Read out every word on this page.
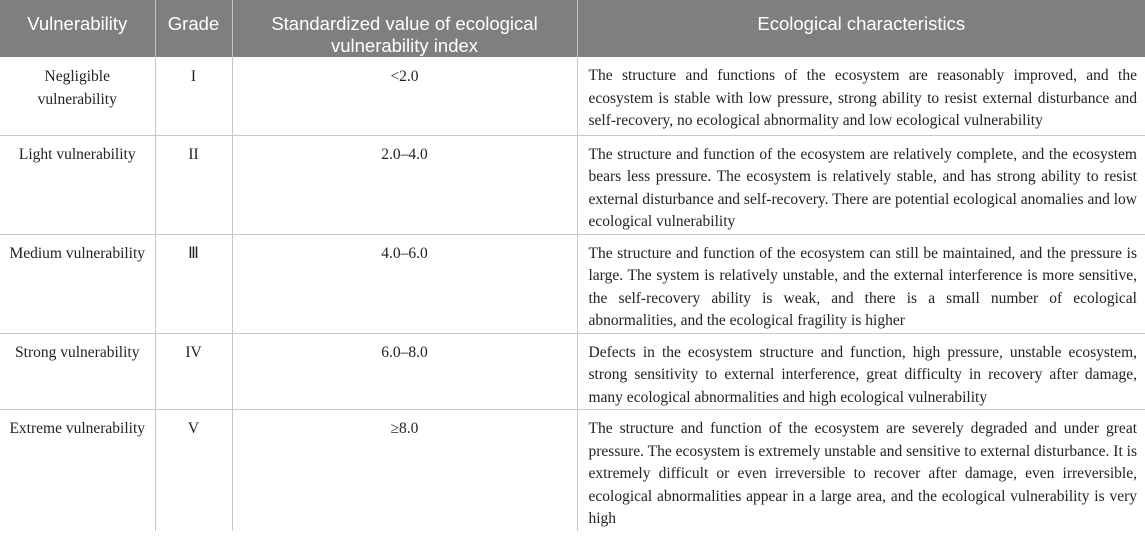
Vulnerability	Grade	Standardized value of ecological vulnerability index	Ecological characteristics
Negligible vulnerability	I	<2.0	The structure and functions of the ecosystem are reasonably improved, and the ecosystem is stable with low pressure, strong ability to resist external disturbance and self-recovery, no ecological abnormality and low ecological vulnerability
Light vulnerability	II	2.0–4.0	The structure and function of the ecosystem are relatively complete, and the ecosystem bears less pressure. The ecosystem is relatively stable, and has strong ability to resist external disturbance and self-recovery. There are potential ecological anomalies and low ecological vulnerability
Medium vulnerability	Ⅲ	4.0–6.0	The structure and function of the ecosystem can still be maintained, and the pressure is large. The system is relatively unstable, and the external interference is more sensitive, the self-recovery ability is weak, and there is a small number of ecological abnormalities, and the ecological fragility is higher
Strong vulnerability	IV	6.0–8.0	Defects in the ecosystem structure and function, high pressure, unstable ecosystem, strong sensitivity to external interference, great difficulty in recovery after damage, many ecological abnormalities and high ecological vulnerability
Extreme vulnerability	V	≥8.0	The structure and function of the ecosystem are severely degraded and under great pressure. The ecosystem is extremely unstable and sensitive to external disturbance. It is extremely difficult or even irreversible to recover after damage, even irreversible, ecological abnormalities appear in a large area, and the ecological vulnerability is very high
